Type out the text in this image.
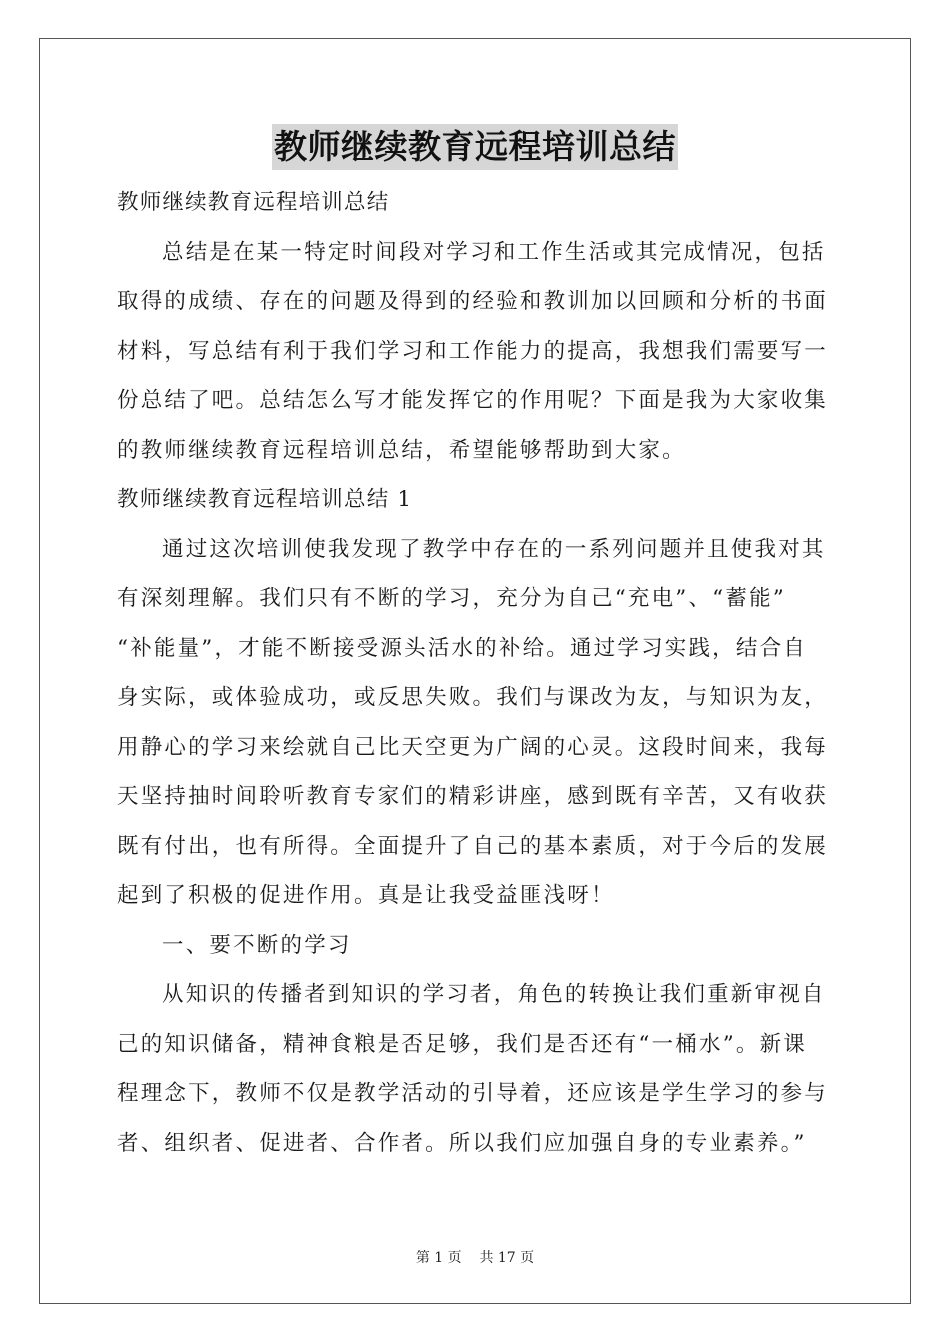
教师继续教育远程培训总结

教师继续教育远程培训总结

总结是在某一特定时间段对学习和工作生活或其完成情况，包括

取得的成绩、存在的问题及得到的经验和教训加以回顾和分析的书面

材料，写总结有利于我们学习和工作能力的提高，我想我们需要写一

份总结了吧。总结怎么写才能发挥它的作用呢？下面是我为大家收集

的教师继续教育远程培训总结，希望能够帮助到大家。

教师继续教育远程培训总结 1

通过这次培训使我发现了教学中存在的一系列问题并且使我对其

有深刻理解。我们只有不断的学习，充分为自己“充电”、“蓄能”

“补能量”，才能不断接受源头活水的补给。通过学习实践，结合自

身实际，或体验成功，或反思失败。我们与课改为友，与知识为友，

用静心的学习来绘就自己比天空更为广阔的心灵。这段时间来，我每

天坚持抽时间聆听教育专家们的精彩讲座，感到既有辛苦，又有收获

既有付出，也有所得。全面提升了自己的基本素质，对于今后的发展

起到了积极的促进作用。真是让我受益匪浅呀！

一、要不断的学习

从知识的传播者到知识的学习者，角色的转换让我们重新审视自

己的知识储备，精神食粮是否足够，我们是否还有“一桶水”。新课

程理念下，教师不仅是教学活动的引导着，还应该是学生学习的参与

者、组织者、促进者、合作者。所以我们应加强自身的专业素养。”

第 1 页 共 17 页
